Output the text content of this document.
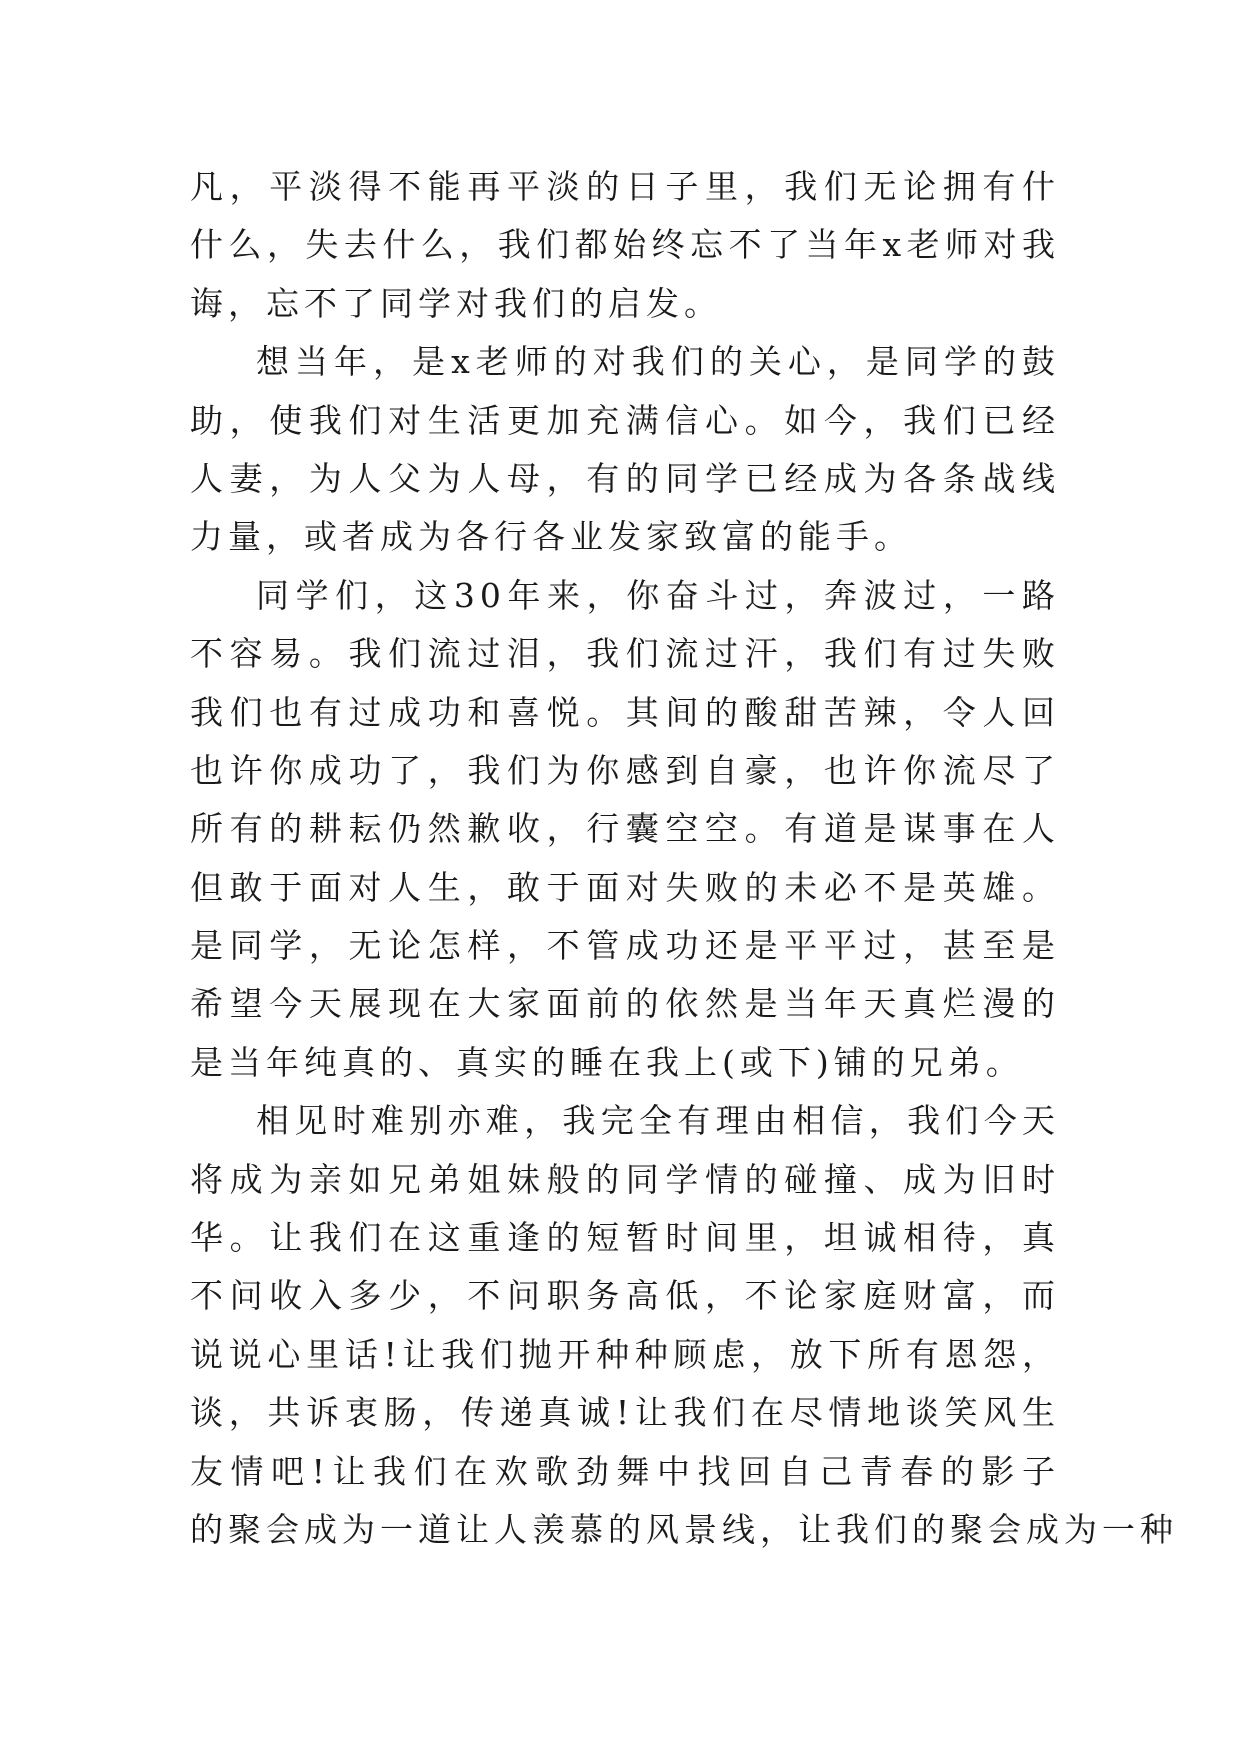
凡，平淡得不能再平淡的日子里，我们无论拥有什
什么，失去什么，我们都始终忘不了当年x老师对我
诲，忘不了同学对我们的启发。
想当年，是x老师的对我们的关心，是同学的鼓
助，使我们对生活更加充满信心。如今，我们已经
人妻，为人父为人母，有的同学已经成为各条战线
力量，或者成为各行各业发家致富的能手。
同学们，这30年来，你奋斗过，奔波过，一路
不容易。我们流过泪，我们流过汗，我们有过失败
我们也有过成功和喜悦。其间的酸甜苦辣，令人回
也许你成功了，我们为你感到自豪，也许你流尽了
所有的耕耘仍然歉收，行囊空空。有道是谋事在人
但敢于面对人生，敢于面对失败的未必不是英雄。
是同学，无论怎样，不管成功还是平平过，甚至是
希望今天展现在大家面前的依然是当年天真烂漫的
是当年纯真的、真实的睡在我上(或下)铺的兄弟。
相见时难别亦难，我完全有理由相信，我们今天
将成为亲如兄弟姐妹般的同学情的碰撞、成为旧时
华。让我们在这重逢的短暂时间里，坦诚相待，真
不问收入多少，不问职务高低，不论家庭财富，而
说说心里话!让我们抛开种种顾虑，放下所有恩怨，
谈，共诉衷肠，传递真诚!让我们在尽情地谈笑风生
友情吧!让我们在欢歌劲舞中找回自己青春的影子
的聚会成为一道让人羡慕的风景线，让我们的聚会成为一种
